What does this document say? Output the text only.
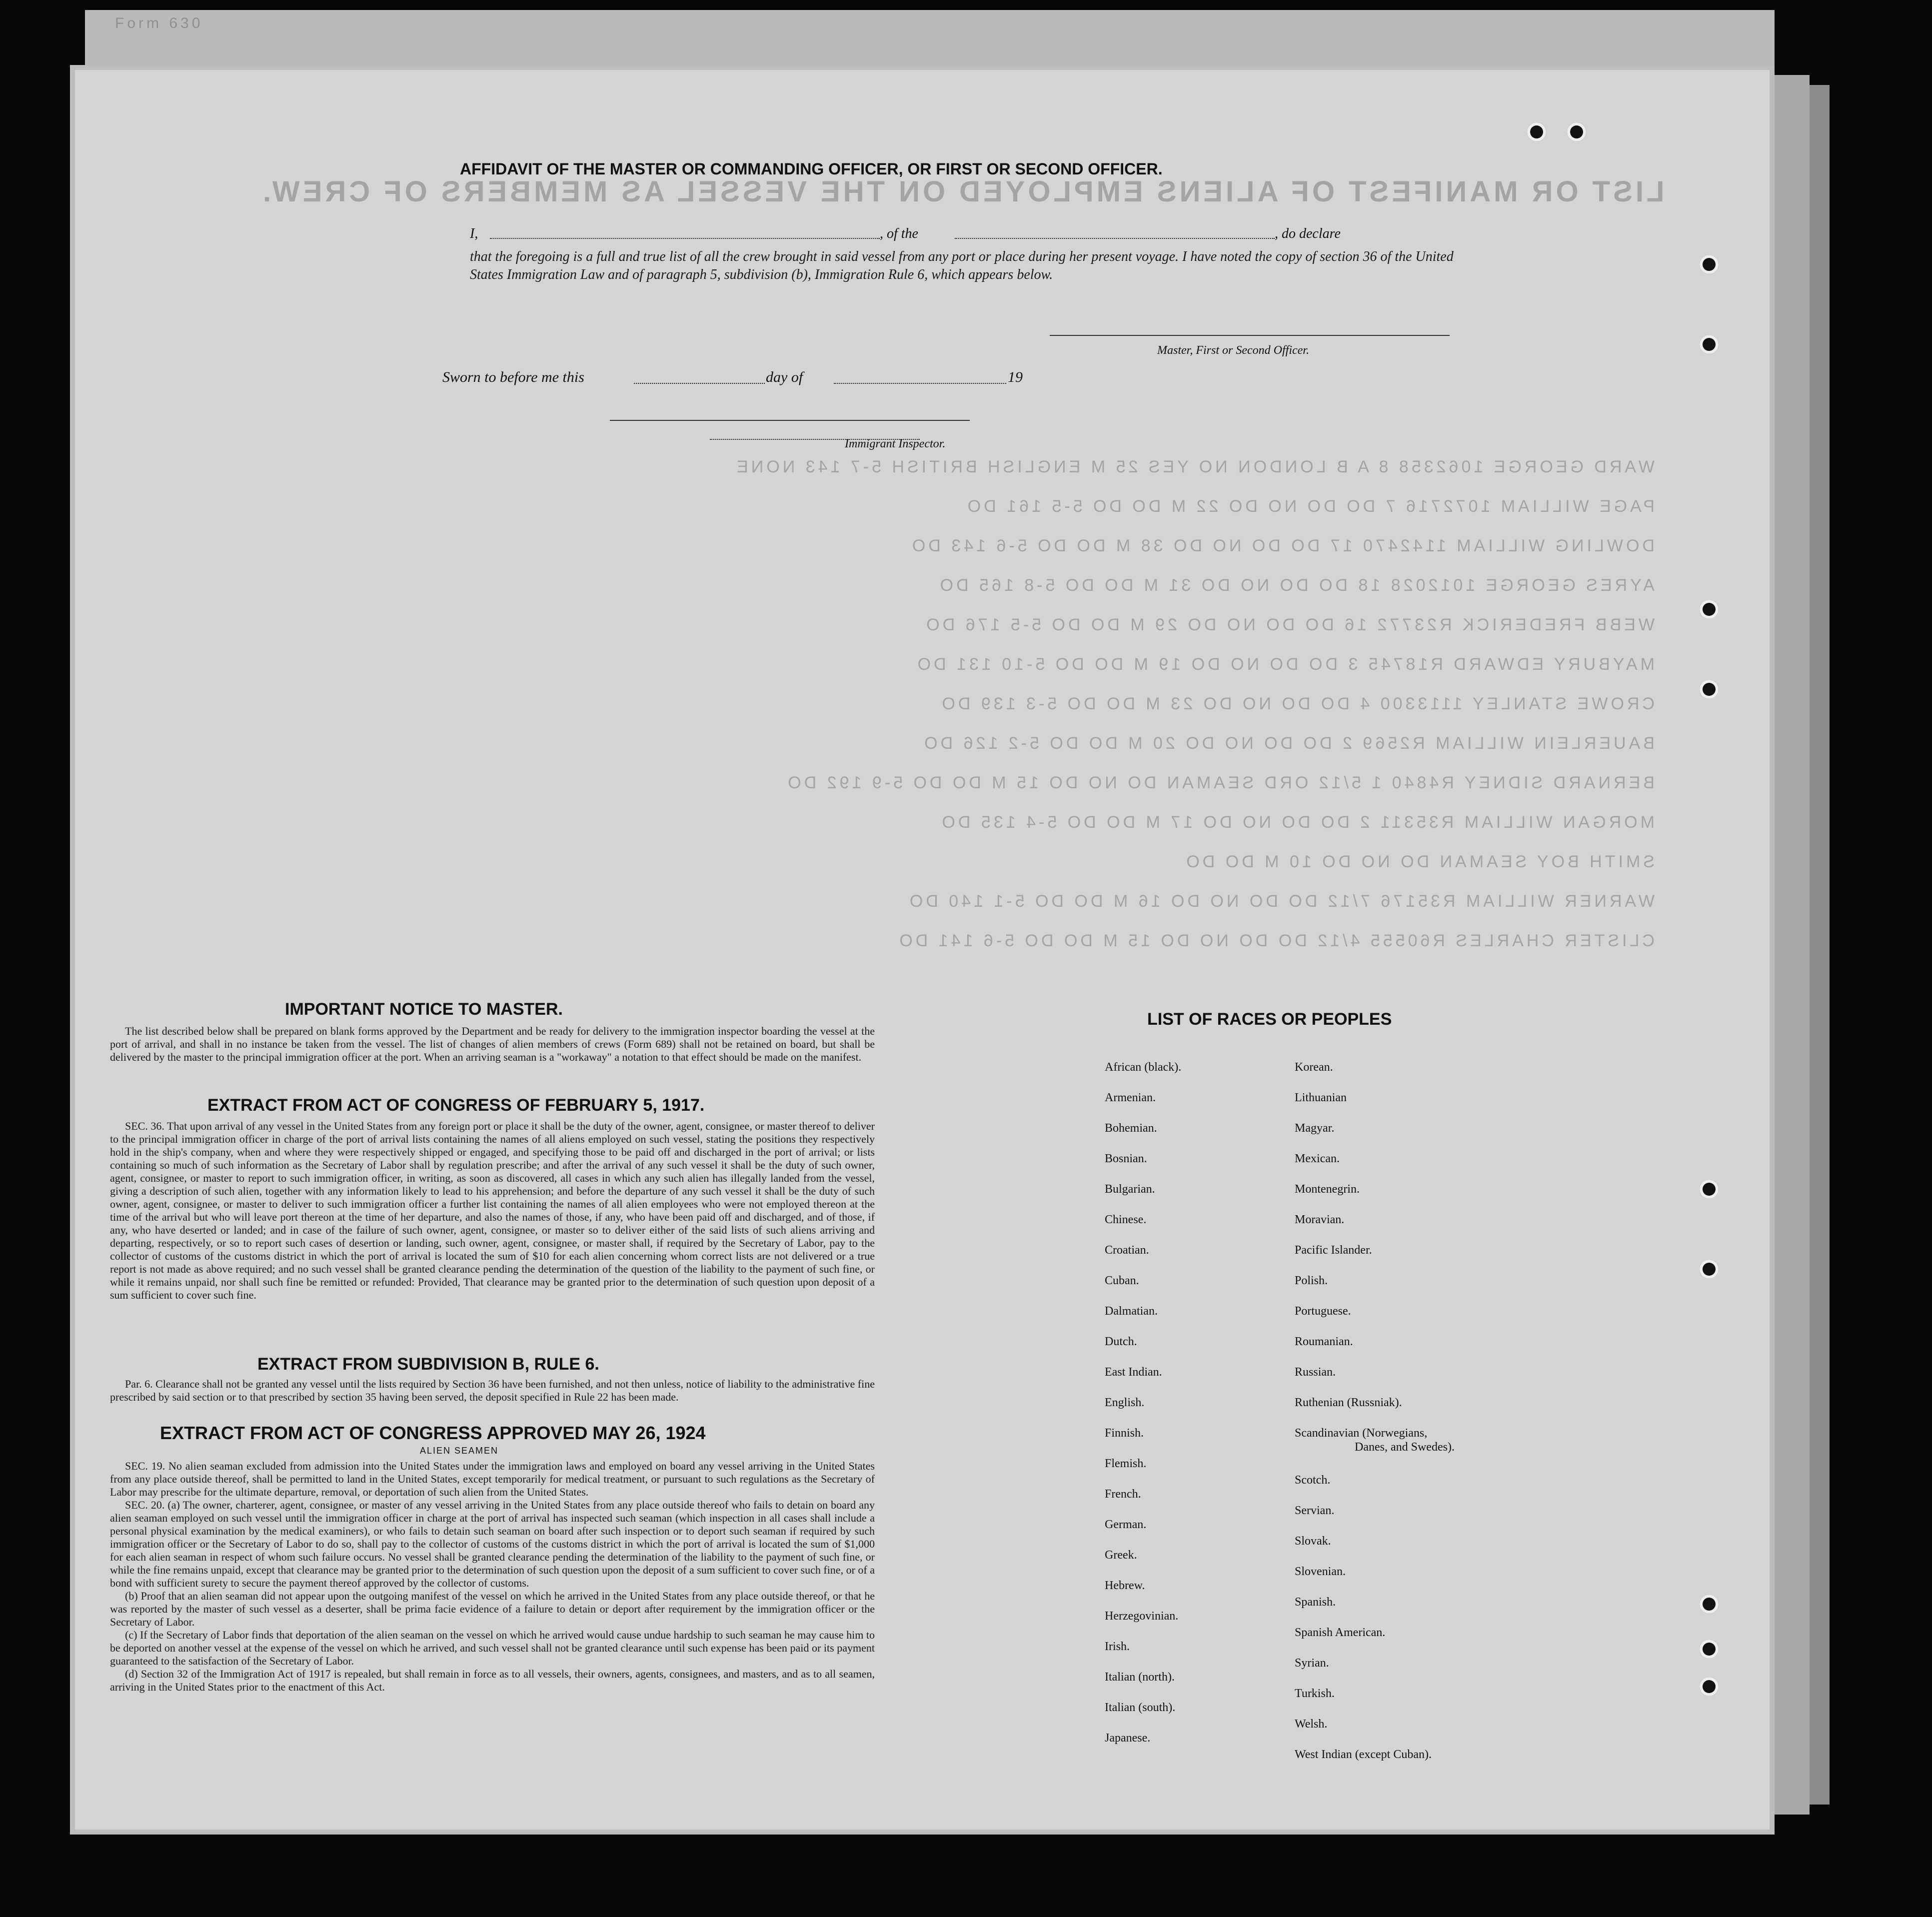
Form 630
LIST OR MANIFEST OF ALIENS EMPLOYED ON THE VESSEL AS MEMBERS OF CREW.
WARD GEORGE 1062358 8 A B LONDON NO YES 25 M ENGLISH BRITISH 5-7 143 NONE
PAGE WILLIAM 1072716 7 DO DO NO DO 22 M DO DO 5-5 161 DO
DOWLING WILLIAM 1142470 17 DO DO NO DO 38 M DO DO 5-6 143 DO
AYRES GEORGE 1012028 18 DO DO NO DO 31 M DO DO 5-8 165 DO
WEBB FREDERICK R23772 16 DO DO NO DO 29 M DO DO 5-5 176 DO
MAYBURY EDWARD R18745 3 DO DO NO DO 19 M DO DO 5-10 131 DO
CROWE STANLEY 1113300 4 DO DO NO DO 23 M DO DO 5-3 139 DO
BAUERLEIN WILLIAM R2569 2 DO DO NO DO 20 M DO DO 5-2 126 DO
BERNARD SIDNEY R4840 1 5/12 ORD SEAMAN DO NO DO 15 M DO DO 5-9 192 DO
MORGAN WILLIAM R35311 2 DO DO NO DO 17 M DO DO 5-4 135 DO
SMITH BOY SEAMAN DO NO DO 10 M DO DO
WARNER WILLIAM R35176 7/12 DO DO NO DO 16 M DO DO 5-1 140 DO
CLISTER CHARLES R60555 4/12 DO DO NO DO 15 M DO DO 5-6 141 DO
AFFIDAVIT OF THE MASTER OR COMMANDING OFFICER, OR FIRST OR SECOND OFFICER.
I,	, of the	, do declare
that the foregoing is a full and true list of all the crew brought in said vessel from any port or place during her present voyage. I have noted the copy of section 36 of the United States Immigration Law and of paragraph 5, subdivision (b), Immigration Rule 6, which appears below.
Master, First or Second Officer.
Sworn to before me this	day of	19
Immigrant Inspector.
IMPORTANT NOTICE TO MASTER.

The list described below shall be prepared on blank forms approved by the Department and be ready for delivery to the immigration inspector boarding the vessel at the port of arrival, and shall in no instance be taken from the vessel. The list of changes of alien members of crews (Form 689) shall not be retained on board, but shall be delivered by the master to the principal immigration officer at the port. When an arriving seaman is a "workaway" a notation to that effect should be made on the manifest.

EXTRACT FROM ACT OF CONGRESS OF FEBRUARY 5, 1917.

SEC. 36. That upon arrival of any vessel in the United States from any foreign port or place it shall be the duty of the owner, agent, consignee, or master thereof to deliver to the principal immigration officer in charge of the port of arrival lists containing the names of all aliens employed on such vessel, stating the positions they respectively hold in the ship's company, when and where they were respectively shipped or engaged, and specifying those to be paid off and discharged in the port of arrival; or lists containing so much of such information as the Secretary of Labor shall by regulation prescribe; and after the arrival of any such vessel it shall be the duty of such owner, agent, consignee, or master to report to such immigration officer, in writing, as soon as discovered, all cases in which any such alien has illegally landed from the vessel, giving a description of such alien, together with any information likely to lead to his apprehension; and before the departure of any such vessel it shall be the duty of such owner, agent, consignee, or master to deliver to such immigration officer a further list containing the names of all alien employees who were not employed thereon at the time of the arrival but who will leave port thereon at the time of her departure, and also the names of those, if any, who have been paid off and discharged, and of those, if any, who have deserted or landed; and in case of the failure of such owner, agent, consignee, or master so to deliver either of the said lists of such aliens arriving and departing, respectively, or so to report such cases of desertion or landing, such owner, agent, consignee, or master shall, if required by the Secretary of Labor, pay to the collector of customs of the customs district in which the port of arrival is located the sum of $10 for each alien concerning whom correct lists are not delivered or a true report is not made as above required; and no such vessel shall be granted clearance pending the determination of the question of the liability to the payment of such fine, or while it remains unpaid, nor shall such fine be remitted or refunded: Provided, That clearance may be granted prior to the determination of such question upon deposit of a sum sufficient to cover such fine.

EXTRACT FROM SUBDIVISION B, RULE 6.

Par. 6. Clearance shall not be granted any vessel until the lists required by Section 36 have been furnished, and not then unless, notice of liability to the administrative fine prescribed by said section or to that prescribed by section 35 having been served, the deposit specified in Rule 22 has been made.

EXTRACT FROM ACT OF CONGRESS APPROVED MAY 26, 1924
ALIEN SEAMEN

SEC. 19. No alien seaman excluded from admission into the United States under the immigration laws and employed on board any vessel arriving in the United States from any place outside thereof, shall be permitted to land in the United States, except temporarily for medical treatment, or pursuant to such regulations as the Secretary of Labor may prescribe for the ultimate departure, removal, or deportation of such alien from the United States.

SEC. 20. (a) The owner, charterer, agent, consignee, or master of any vessel arriving in the United States from any place outside thereof who fails to detain on board any alien seaman employed on such vessel until the immigration officer in charge at the port of arrival has inspected such seaman (which inspection in all cases shall include a personal physical examination by the medical examiners), or who fails to detain such seaman on board after such inspection or to deport such seaman if required by such immigration officer or the Secretary of Labor to do so, shall pay to the collector of customs of the customs district in which the port of arrival is located the sum of $1,000 for each alien seaman in respect of whom such failure occurs. No vessel shall be granted clearance pending the determination of the liability to the payment of such fine, or while the fine remains unpaid, except that clearance may be granted prior to the determination of such question upon the deposit of a sum sufficient to cover such fine, or of a bond with sufficient surety to secure the payment thereof approved by the collector of customs.

(b) Proof that an alien seaman did not appear upon the outgoing manifest of the vessel on which he arrived in the United States from any place outside thereof, or that he was reported by the master of such vessel as a deserter, shall be prima facie evidence of a failure to detain or deport after requirement by the immigration officer or the Secretary of Labor.

(c) If the Secretary of Labor finds that deportation of the alien seaman on the vessel on which he arrived would cause undue hardship to such seaman he may cause him to be deported on another vessel at the expense of the vessel on which he arrived, and such vessel shall not be granted clearance until such expense has been paid or its payment guaranteed to the satisfaction of the Secretary of Labor.

(d) Section 32 of the Immigration Act of 1917 is repealed, but shall remain in force as to all vessels, their owners, agents, consignees, and masters, and as to all seamen, arriving in the United States prior to the enactment of this Act.

LIST OF RACES OR PEOPLES
African (black).
Armenian.
Bohemian.
Bosnian.
Bulgarian.
Chinese.
Croatian.
Cuban.
Dalmatian.
Dutch.
East Indian.
English.
Finnish.
Flemish.
French.
German.
Greek.
Hebrew.
Herzegovinian.
Irish.
Italian (north).
Italian (south).
Japanese.
Korean.
Lithuanian
Magyar.
Mexican.
Montenegrin.
Moravian.
Pacific Islander.
Polish.
Portuguese.
Roumanian.
Russian.
Ruthenian (Russniak).
Scandinavian (Norwegians,
Danes, and Swedes).
Scotch.
Servian.
Slovak.
Slovenian.
Spanish.
Spanish American.
Syrian.
Turkish.
Welsh.
West Indian (except Cuban).
